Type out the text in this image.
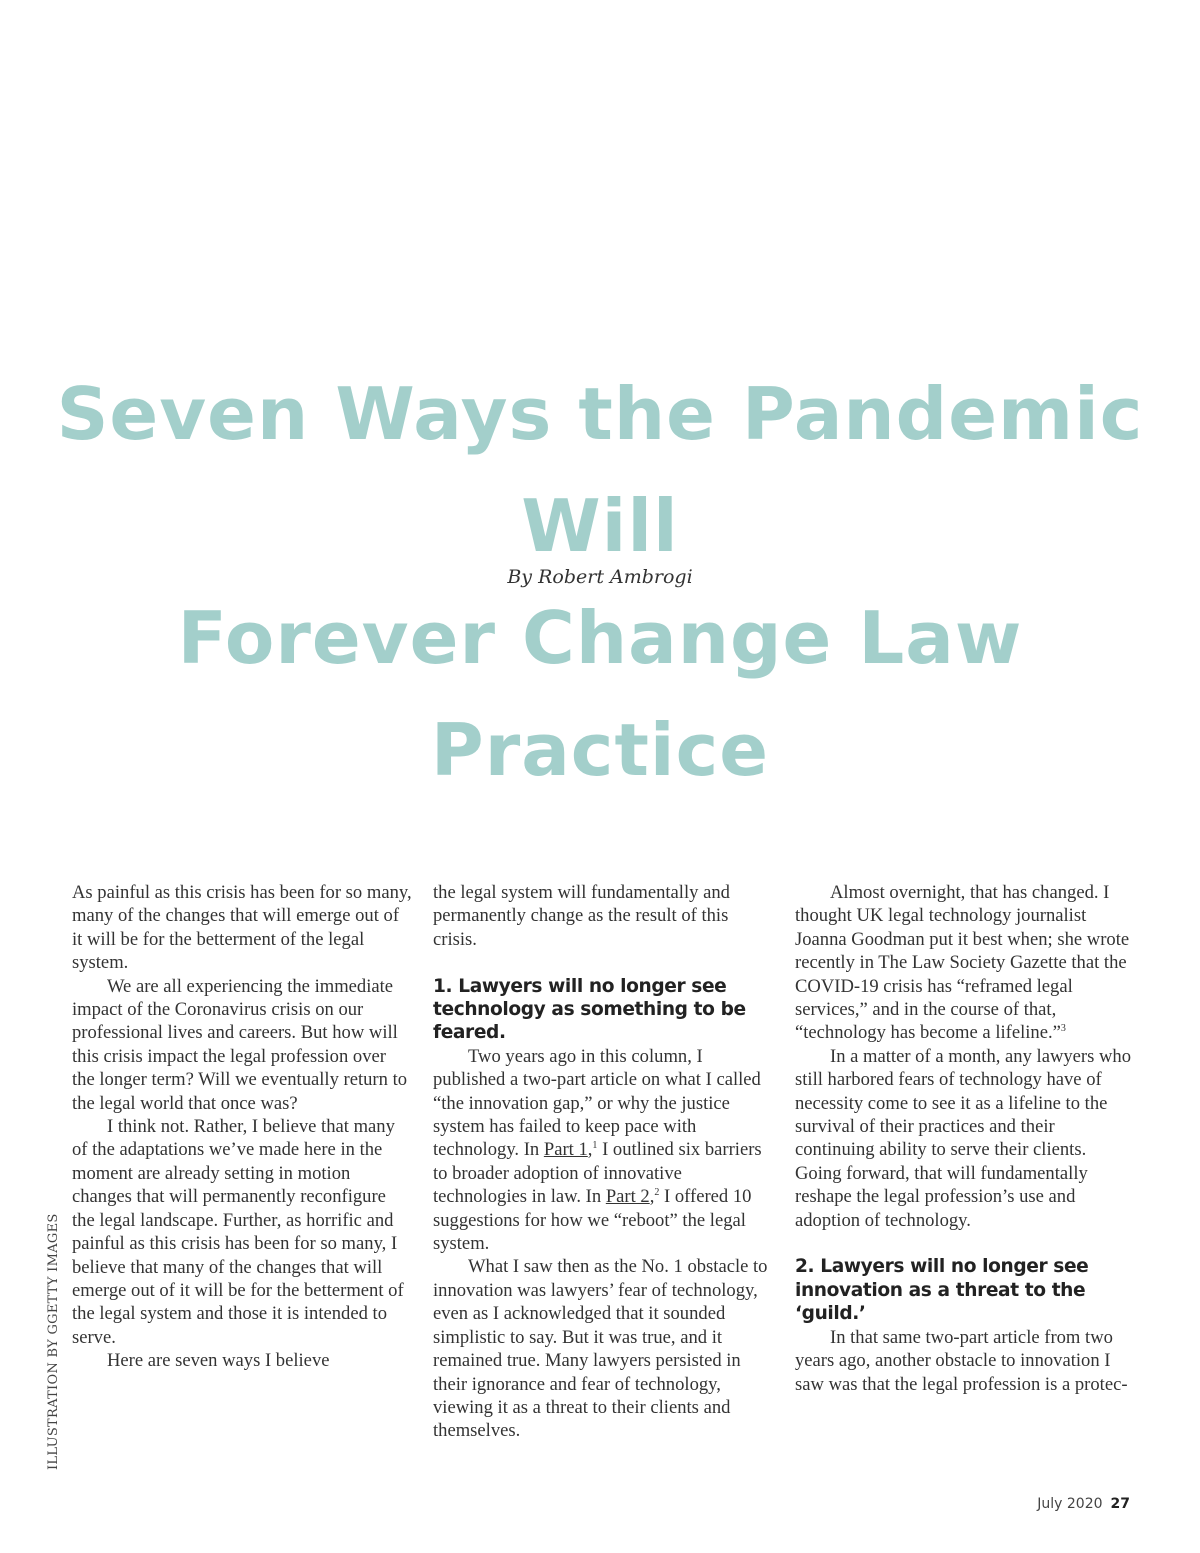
Seven Ways the Pandemic Will
Forever Change Law Practice
By Robert Ambrogi

As painful as this crisis has been for so many, many of the changes that will emerge out of it will be for the betterment of the legal system.

We are all experiencing the immediate impact of the Coronavirus crisis on our professional lives and careers. But how will this crisis impact the legal profession over the longer term? Will we eventually return to the legal world that once was?

I think not. Rather, I believe that many of the adaptations we’ve made here in the moment are already setting in motion changes that will permanently reconfigure the legal landscape. Further, as horrific and painful as this crisis has been for so many, I believe that many of the changes that will emerge out of it will be for the betterment of the legal system and those it is intended to serve.

Here are seven ways I believe

the legal system will fundamentally and permanently change as the result of this crisis.

1. Lawyers will no longer see technology as something to be feared.

Two years ago in this column, I published a two-part article on what I called “the innovation gap,” or why the justice system has failed to keep pace with technology. In Part 1,$^1$ I outlined six barriers to broader adoption of innovative technologies in law. In Part 2,$^2$ I offered 10 suggestions for how we “reboot” the legal system.

What I saw then as the No. 1 obstacle to innovation was lawyers’ fear of technology, even as I acknowledged that it sounded simplistic to say. But it was true, and it remained true. Many lawyers persisted in their ignorance and fear of technology, viewing it as a threat to their clients and themselves.

Almost overnight, that has changed. I thought UK legal technology journalist Joanna Goodman put it best when; she wrote recently in The Law Society Gazette that the COVID-19 crisis has “reframed legal services,” and in the course of that, “technology has become a lifeline.”$^3$

In a matter of a month, any lawyers who still harbored fears of technology have of necessity come to see it as a lifeline to the survival of their practices and their continuing ability to serve their clients. Going forward, that will fundamentally reshape the legal profession’s use and adoption of technology.

2. Lawyers will no longer see innovation as a threat to the ‘guild.’

In that same two-part article from two years ago, another obstacle to innovation I saw was that the legal profession is a protec-

ILLUSTRATION BY GGETTY IMAGES
July 2020 27
